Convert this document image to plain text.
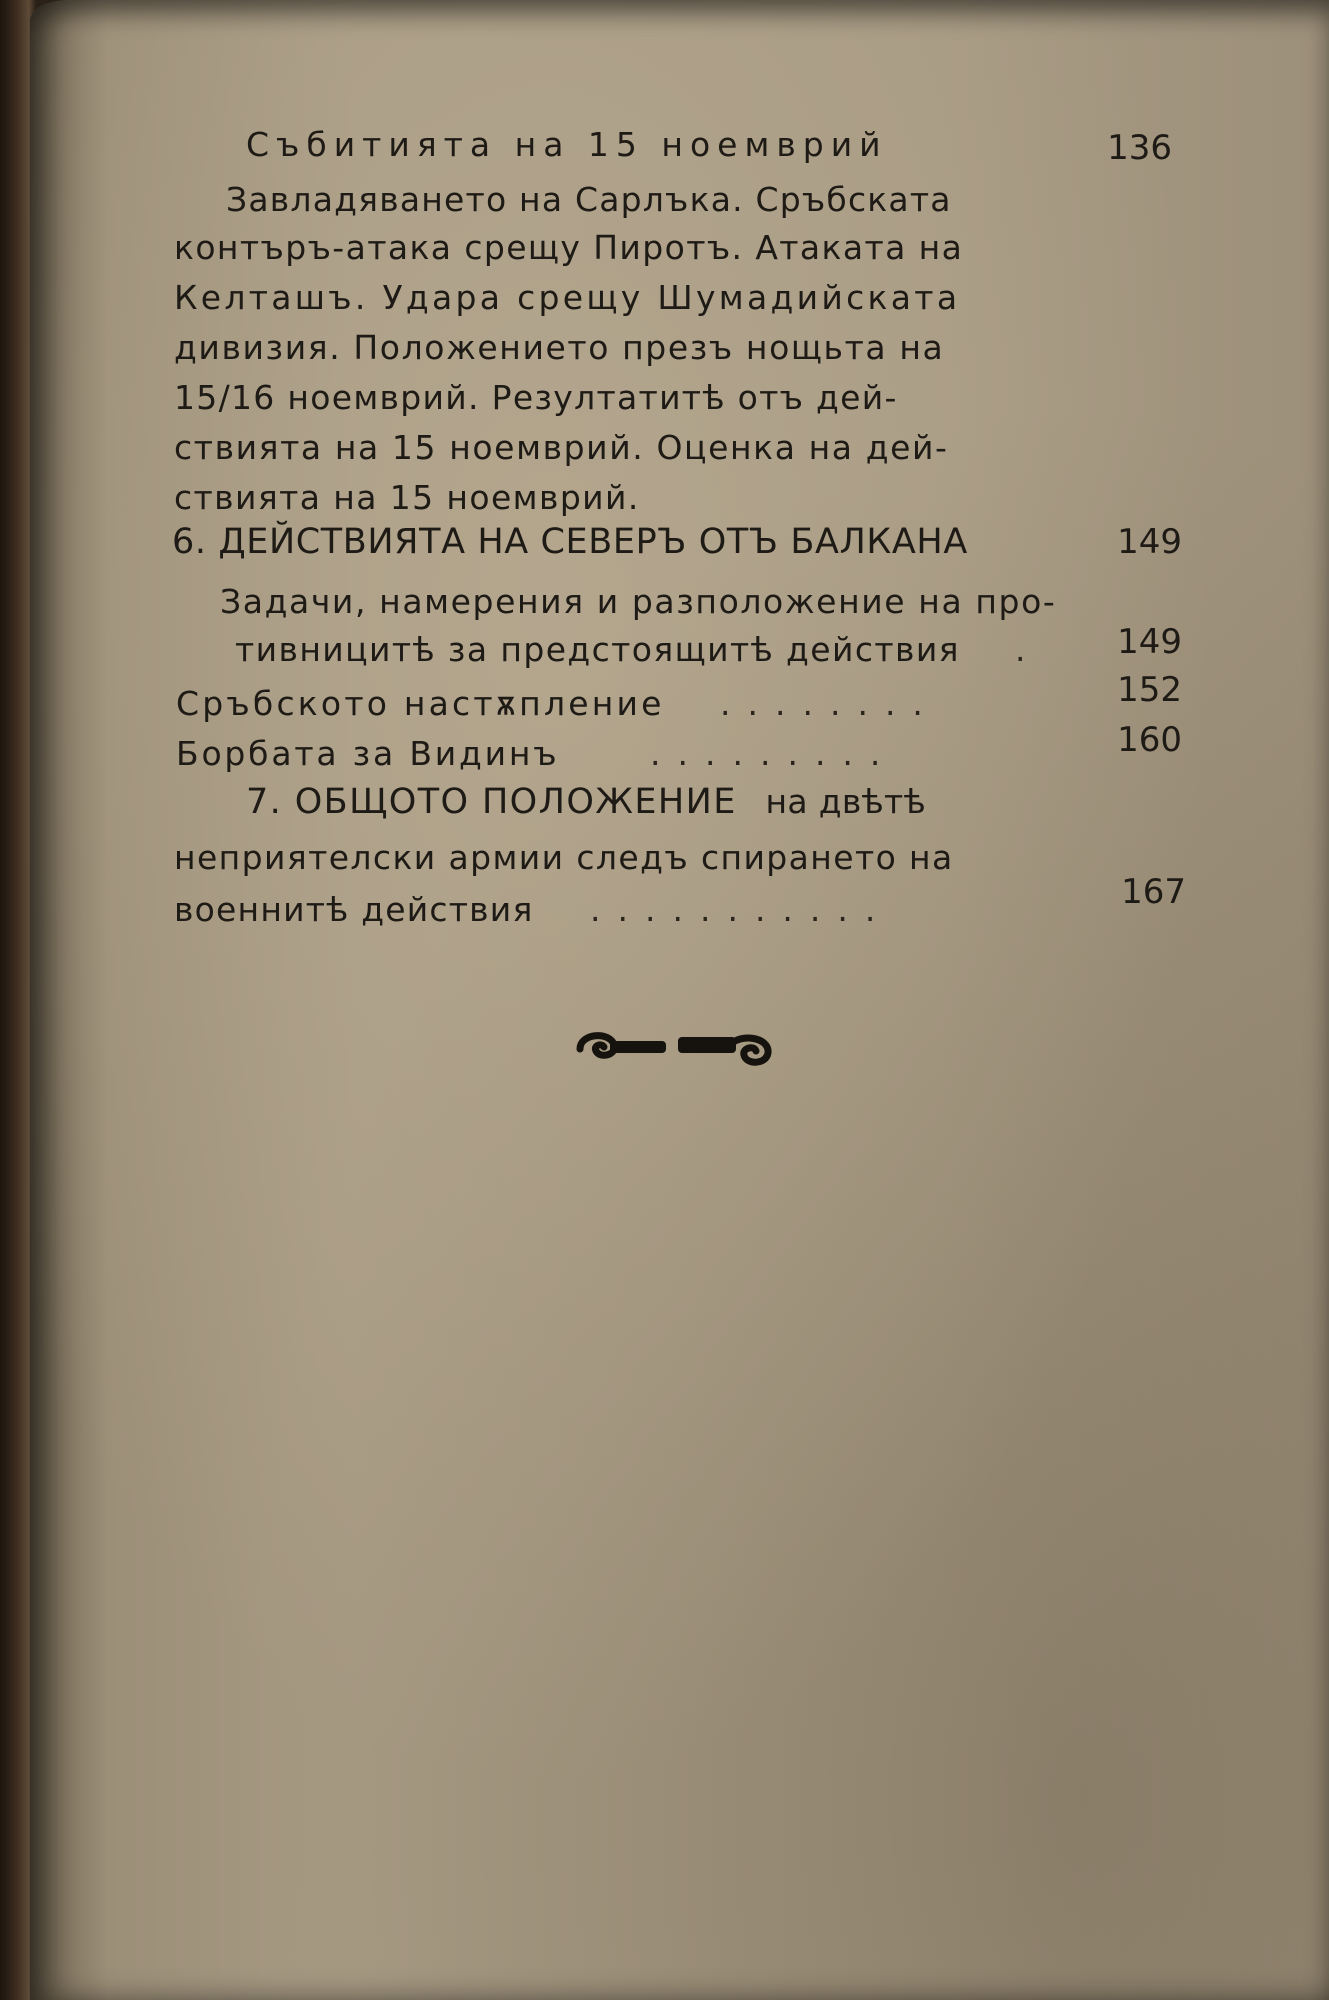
Събитията на 15 ноемврий	136
Завладяването на Сарлъка. Сръбската
контъръ-атака срещу Пиротъ. Атаката на
Келташъ. Удара срещу Шумадийската
дивизия. Положението презъ нощьта на
15/16 ноемврий. Резултатитѣ отъ дей-
ствията на 15 ноемврий. Оценка на дей-
ствията на 15 ноемврий.
6. ДЕЙСТВИЯТА НА СЕВЕРЪ ОТЪ БАЛКАНА	149
Задачи, намерения и разположение на про-
тивницитѣ за предстоящитѣ действия .	149
Сръбското настѫпление ........	152
Борбата за Видинъ	.........	160
7. ОБЩОТО ПОЛОЖЕНИЕ на двѣтѣ
неприятелски армии следъ спирането на
военнитѣ действия ...........	167
